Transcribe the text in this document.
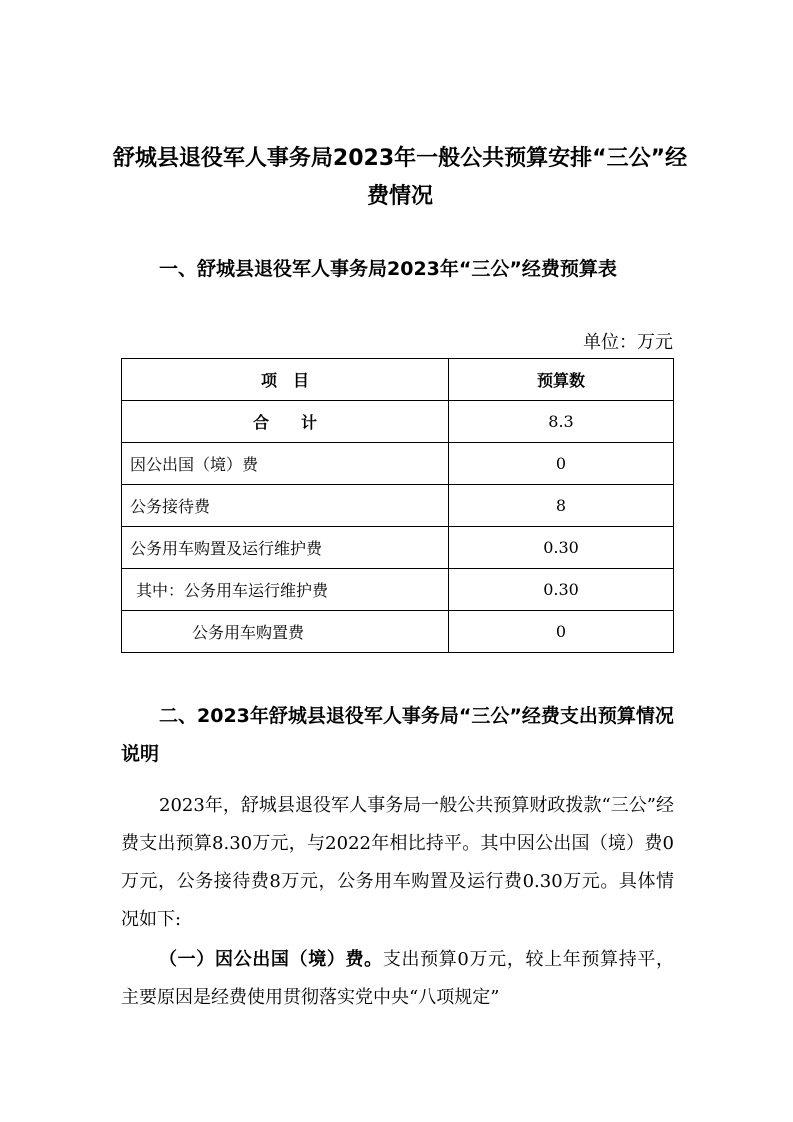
舒城县退役军人事务局2023年一般公共预算安排“三公”经费情况

一、舒城县退役军人事务局2023年“三公”经费预算表

单位：万元

项　目	预算数
合　　计	8.3
因公出国（境）费	0
公务接待费	8
公务用车购置及运行维护费	0.30
其中：公务用车运行维护费	0.30
公务用车购置费	0

二、2023年舒城县退役军人事务局“三公”经费支出预算情况说明

2023年，舒城县退役军人事务局一般公共预算财政拨款“三公”经费支出预算8.30万元，与2022年相比持平。其中因公出国（境）费0万元，公务接待费8万元，公务用车购置及运行费0.30万元。具体情况如下:

（一）因公出国（境）费。支出预算0万元，较上年预算持平，主要原因是经费使用贯彻落实党中央“八项规定”
